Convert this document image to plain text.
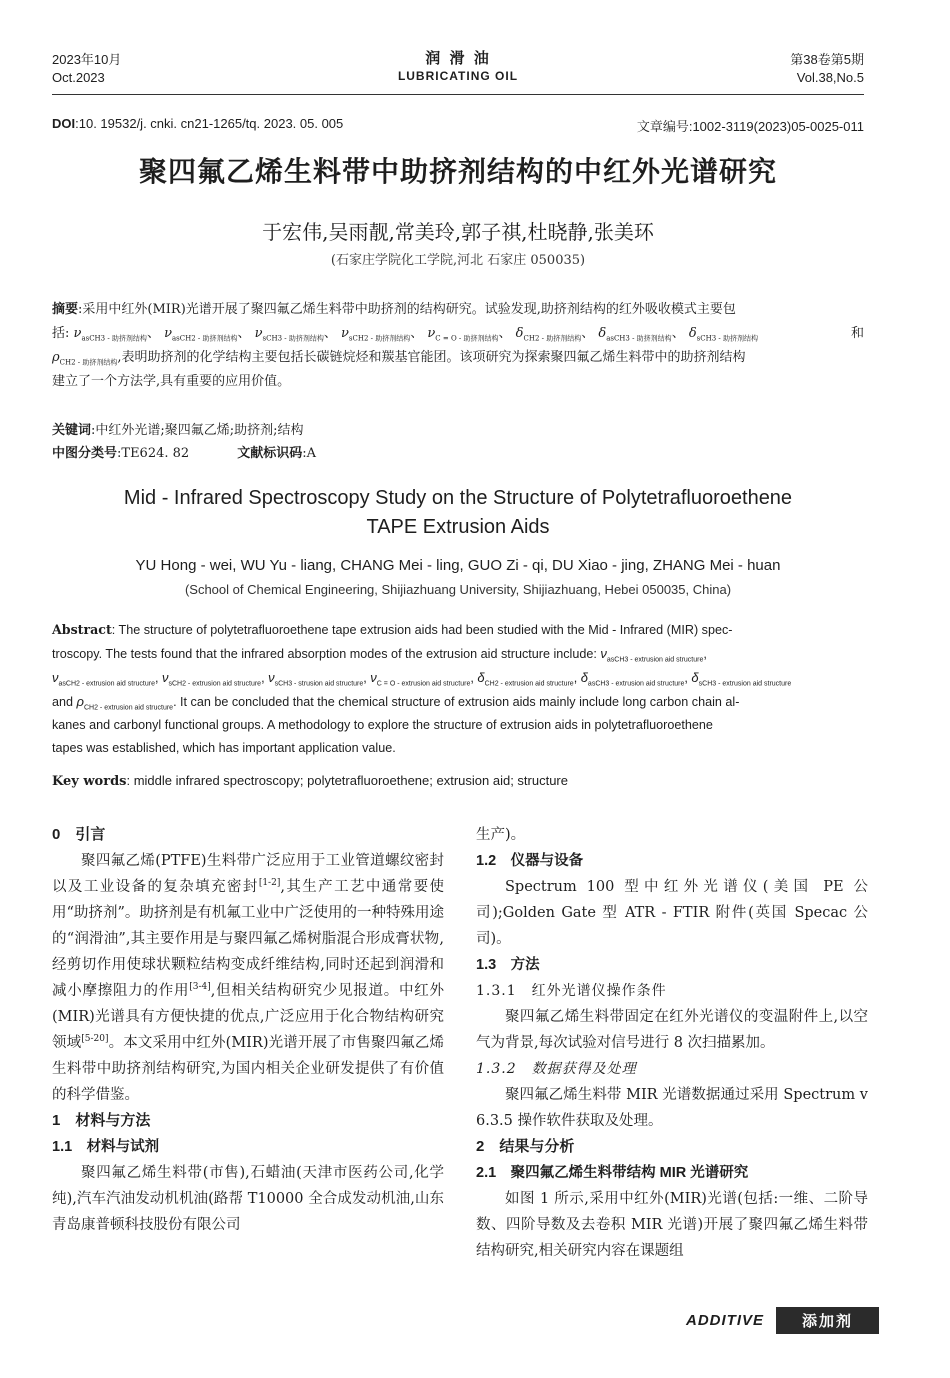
2023年10月
Oct.2023
润 滑 油
LUBRICATING OIL
第38卷第5期
Vol.38,No.5
DOI:10. 19532/j. cnki. cn21-1265/tq. 2023. 05. 005	文章编号:1002-3119(2023)05-0025-011
聚四氟乙烯生料带中助挤剂结构的中红外光谱研究
于宏伟,吴雨靓,常美玲,郭子祺,杜晓静,张美环
(石家庄学院化工学院,河北 石家庄 050035)
摘要:采用中红外(MIR)光谱开展了聚四氟乙烯生料带中助挤剂的结构研究。试验发现,助挤剂结构的红外吸收模式主要包
括: $\nu_{asCH3 - 助挤剂结构}$、 $\nu_{asCH2 - 助挤剂结构}$、 $\nu_{sCH3 - 助挤剂结构}$、 $\nu_{sCH2 - 助挤剂结构}$、 $\nu_{C = O - 助挤剂结构}$、 $\delta_{CH2 - 助挤剂结构}$、 $\delta_{asCH3 - 助挤剂结构}$、 $\delta_{sCH3 - 助挤剂结构}$	和
$\rho_{CH2 - 助挤剂结构}$,表明助挤剂的化学结构主要包括长碳链烷烃和羰基官能团。该项研究为探索聚四氟乙烯生料带中的助挤剂结构
建立了一个方法学,具有重要的应用价值。
关键词:中红外光谱;聚四氟乙烯;助挤剂;结构
中图分类号:TE624. 82	文献标识码:A
Mid - Infrared Spectroscopy Study on the Structure of Polytetrafluoroethene
TAPE Extrusion Aids
YU Hong - wei, WU Yu - liang, CHANG Mei - ling, GUO Zi - qi, DU Xiao - jing, ZHANG Mei - huan
(School of Chemical Engineering, Shijiazhuang University, Shijiazhuang, Hebei 050035, China)
Abstract: The structure of polytetrafluoroethene tape extrusion aids had been studied with the Mid - Infrared (MIR) spec-
troscopy. The tests found that the infrared absorption modes of the extrusion aid structure include: $\nu_{asCH3 - extrusion aid structure}$,
$\nu_{asCH2 - extrusion aid structure}$, $\nu_{sCH2 - extrusion aid structure}$, $\nu_{sCH3 - strusion aid structure}$, $\nu_{C = O - extrusion aid structure}$, $\delta_{CH2 - extrusion aid structure}$, $\delta_{asCH3 - extrusion aid structure}$, $\delta_{sCH3 - extrusion aid structure}$
and $\rho_{CH2 - extrusion aid structure}$. It can be concluded that the chemical structure of extrusion aids mainly include long carbon chain al-
kanes and carbonyl functional groups. A methodology to explore the structure of extrusion aids in polytetrafluoroethene
tapes was established, which has important application value.
Key words: middle infrared spectroscopy; polytetrafluoroethene; extrusion aid; structure
0　引言

聚四氟乙烯(PTFE)生料带广泛应用于工业管道螺纹密封以及工业设备的复杂填充密封[1-2],其生产工艺中通常要使用“助挤剂”。助挤剂是有机氟工业中广泛使用的一种特殊用途的“润滑油”,其主要作用是与聚四氟乙烯树脂混合形成膏状物,经剪切作用使球状颗粒结构变成纤维结构,同时还起到润滑和减小摩擦阻力的作用[3-4],但相关结构研究少见报道。中红外(MIR)光谱具有方便快捷的优点,广泛应用于化合物结构研究领域[5-20]。本文采用中红外(MIR)光谱开展了市售聚四氟乙烯生料带中助挤剂结构研究,为国内相关企业研发提供了有价值的科学借鉴。

1　材料与方法
1.1　材料与试剂

聚四氟乙烯生料带(市售),石蜡油(天津市医药公司,化学纯),汽车汽油发动机机油(路帮 T10000 全合成发动机油,山东青岛康普顿科技股份有限公司

生产)。

1.2　仪器与设备

Spectrum 100 型中红外光谱仪(美国 PE 公司);Golden Gate 型 ATR - FTIR 附件(英国 Specac 公司)。

1.3　方法
1.3.1　红外光谱仪操作条件

聚四氟乙烯生料带固定在红外光谱仪的变温附件上,以空气为背景,每次试验对信号进行 8 次扫描累加。

1.3.2　数据获得及处理

聚四氟乙烯生料带 MIR 光谱数据通过采用 Spectrum v 6.3.5 操作软件获取及处理。

2　结果与分析
2.1　聚四氟乙烯生料带结构 MIR 光谱研究

如图 1 所示,采用中红外(MIR)光谱(包括:一维、二阶导数、四阶导数及去卷积 MIR 光谱)开展了聚四氟乙烯生料带结构研究,相关研究内容在课题组

ADDITIVE	添加剂
